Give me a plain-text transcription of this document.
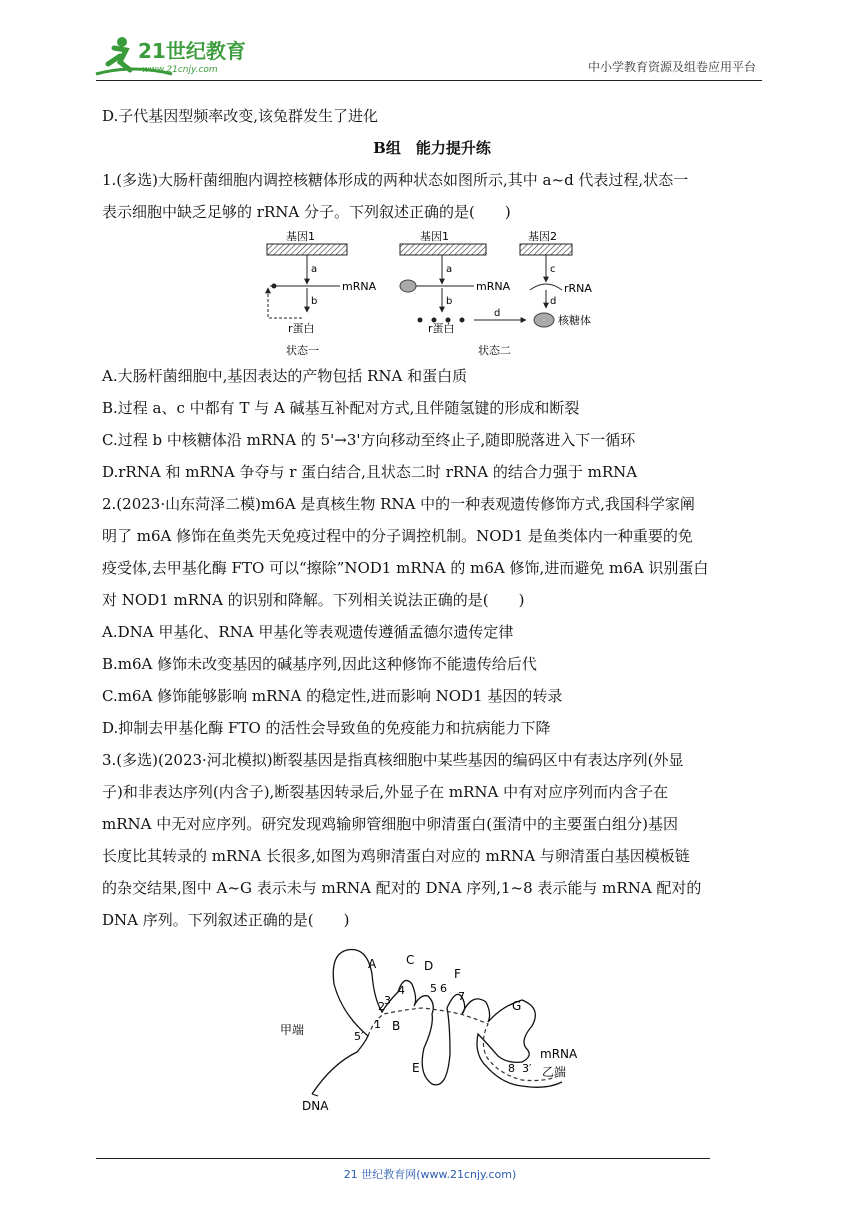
21世纪教育
www.21cnjy.com	中小学教育资源及组卷应用平台
D.子代基因型频率改变,该兔群发生了进化
B组　能力提升练
1.(多选)大肠杆菌细胞内调控核糖体形成的两种状态如图所示,其中 a~d 代表过程,状态一
表示细胞中缺乏足够的 rRNA 分子。下列叙述正确的是(　　)
基因1
a
mRNA
b
r蛋白
状态一
基因1
a
mRNA
b
d
r蛋白
状态二
基因2
c
rRNA
d
核糖体
A.大肠杆菌细胞中,基因表达的产物包括 RNA 和蛋白质
B.过程 a、c 中都有 T 与 A 碱基互补配对方式,且伴随氢键的形成和断裂
C.过程 b 中核糖体沿 mRNA 的 5'→3'方向移动至终止子,随即脱落进入下一循环
D.rRNA 和 mRNA 争夺与 r 蛋白结合,且状态二时 rRNA 的结合力强于 mRNA
2.(2023·山东菏泽二模)m6A 是真核生物 RNA 中的一种表观遗传修饰方式,我国科学家阐
明了 m6A 修饰在鱼类先天免疫过程中的分子调控机制。NOD1 是鱼类体内一种重要的免
疫受体,去甲基化酶 FTO 可以“擦除”NOD1 mRNA 的 m6A 修饰,进而避免 m6A 识别蛋白
对 NOD1 mRNA 的识别和降解。下列相关说法正确的是(　　)
A.DNA 甲基化、RNA 甲基化等表观遗传遵循孟德尔遗传定律
B.m6A 修饰未改变基因的碱基序列,因此这种修饰不能遗传给后代
C.m6A 修饰能够影响 mRNA 的稳定性,进而影响 NOD1 基因的转录
D.抑制去甲基化酶 FTO 的活性会导致鱼的免疫能力和抗病能力下降
3.(多选)(2023·河北模拟)断裂基因是指真核细胞中某些基因的编码区中有表达序列(外显
子)和非表达序列(内含子),断裂基因转录后,外显子在 mRNA 中有对应序列而内含子在
mRNA 中无对应序列。研究发现鸡输卵管细胞中卵清蛋白(蛋清中的主要蛋白组分)基因
长度比其转录的 mRNA 长很多,如图为鸡卵清蛋白对应的 mRNA 与卵清蛋白基因模板链
的杂交结果,图中 A~G 表示未与 mRNA 配对的 DNA 序列,1~8 表示能与 mRNA 配对的
DNA 序列。下列叙述正确的是(　　)
A
B
C D
E
F
G
1
2 3
4 5 6
7
8
甲端	5′
DNA
mRNA
3′ 乙端
21 世纪教育网(www.21cnjy.com)
